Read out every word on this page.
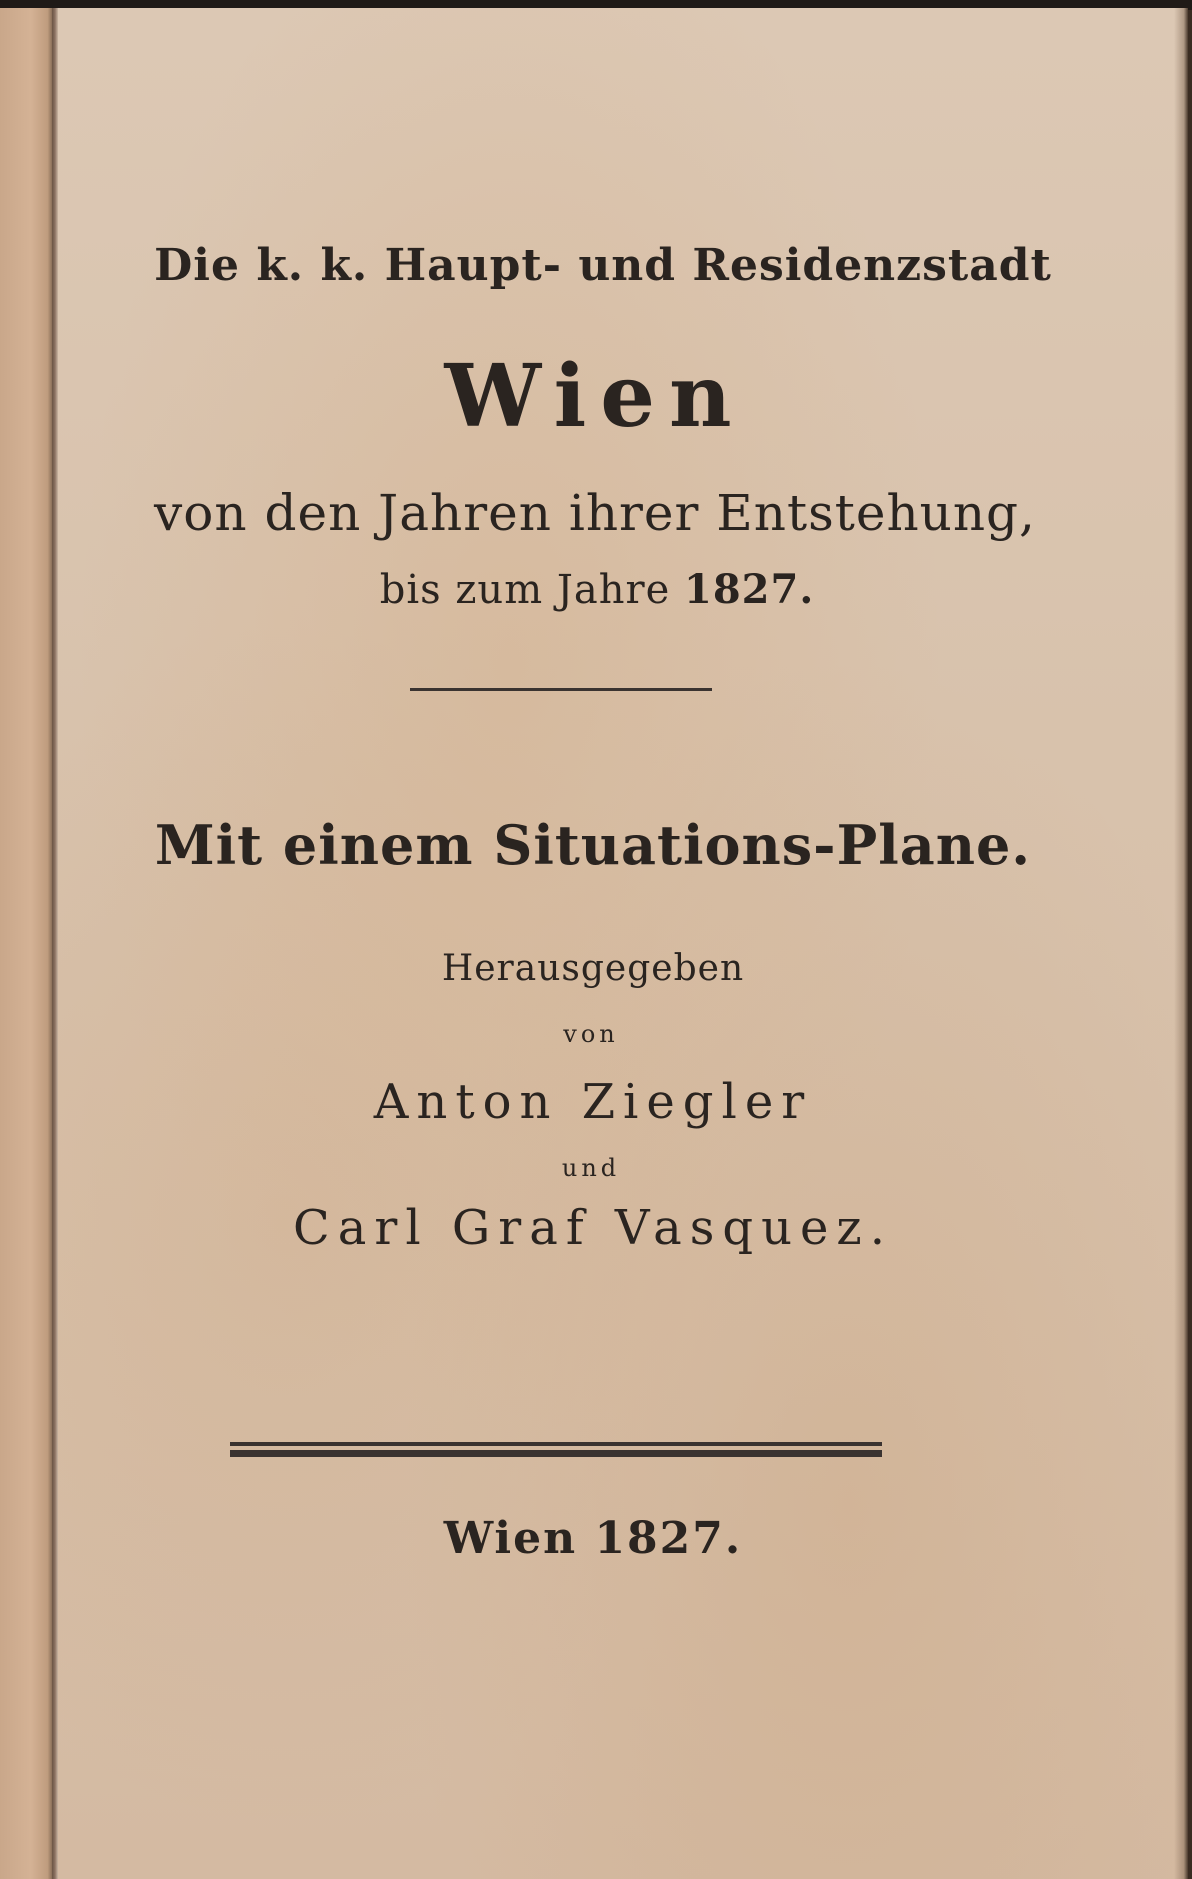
Die k. k. Haupt- und Residenzstadt
Wien
von den Jahren ihrer Entstehung,
bis zum Jahre 1827.
Mit einem Situations-Plane.
Herausgegeben
von
Anton Ziegler
und
Carl Graf Vasquez.
Wien 1827.
